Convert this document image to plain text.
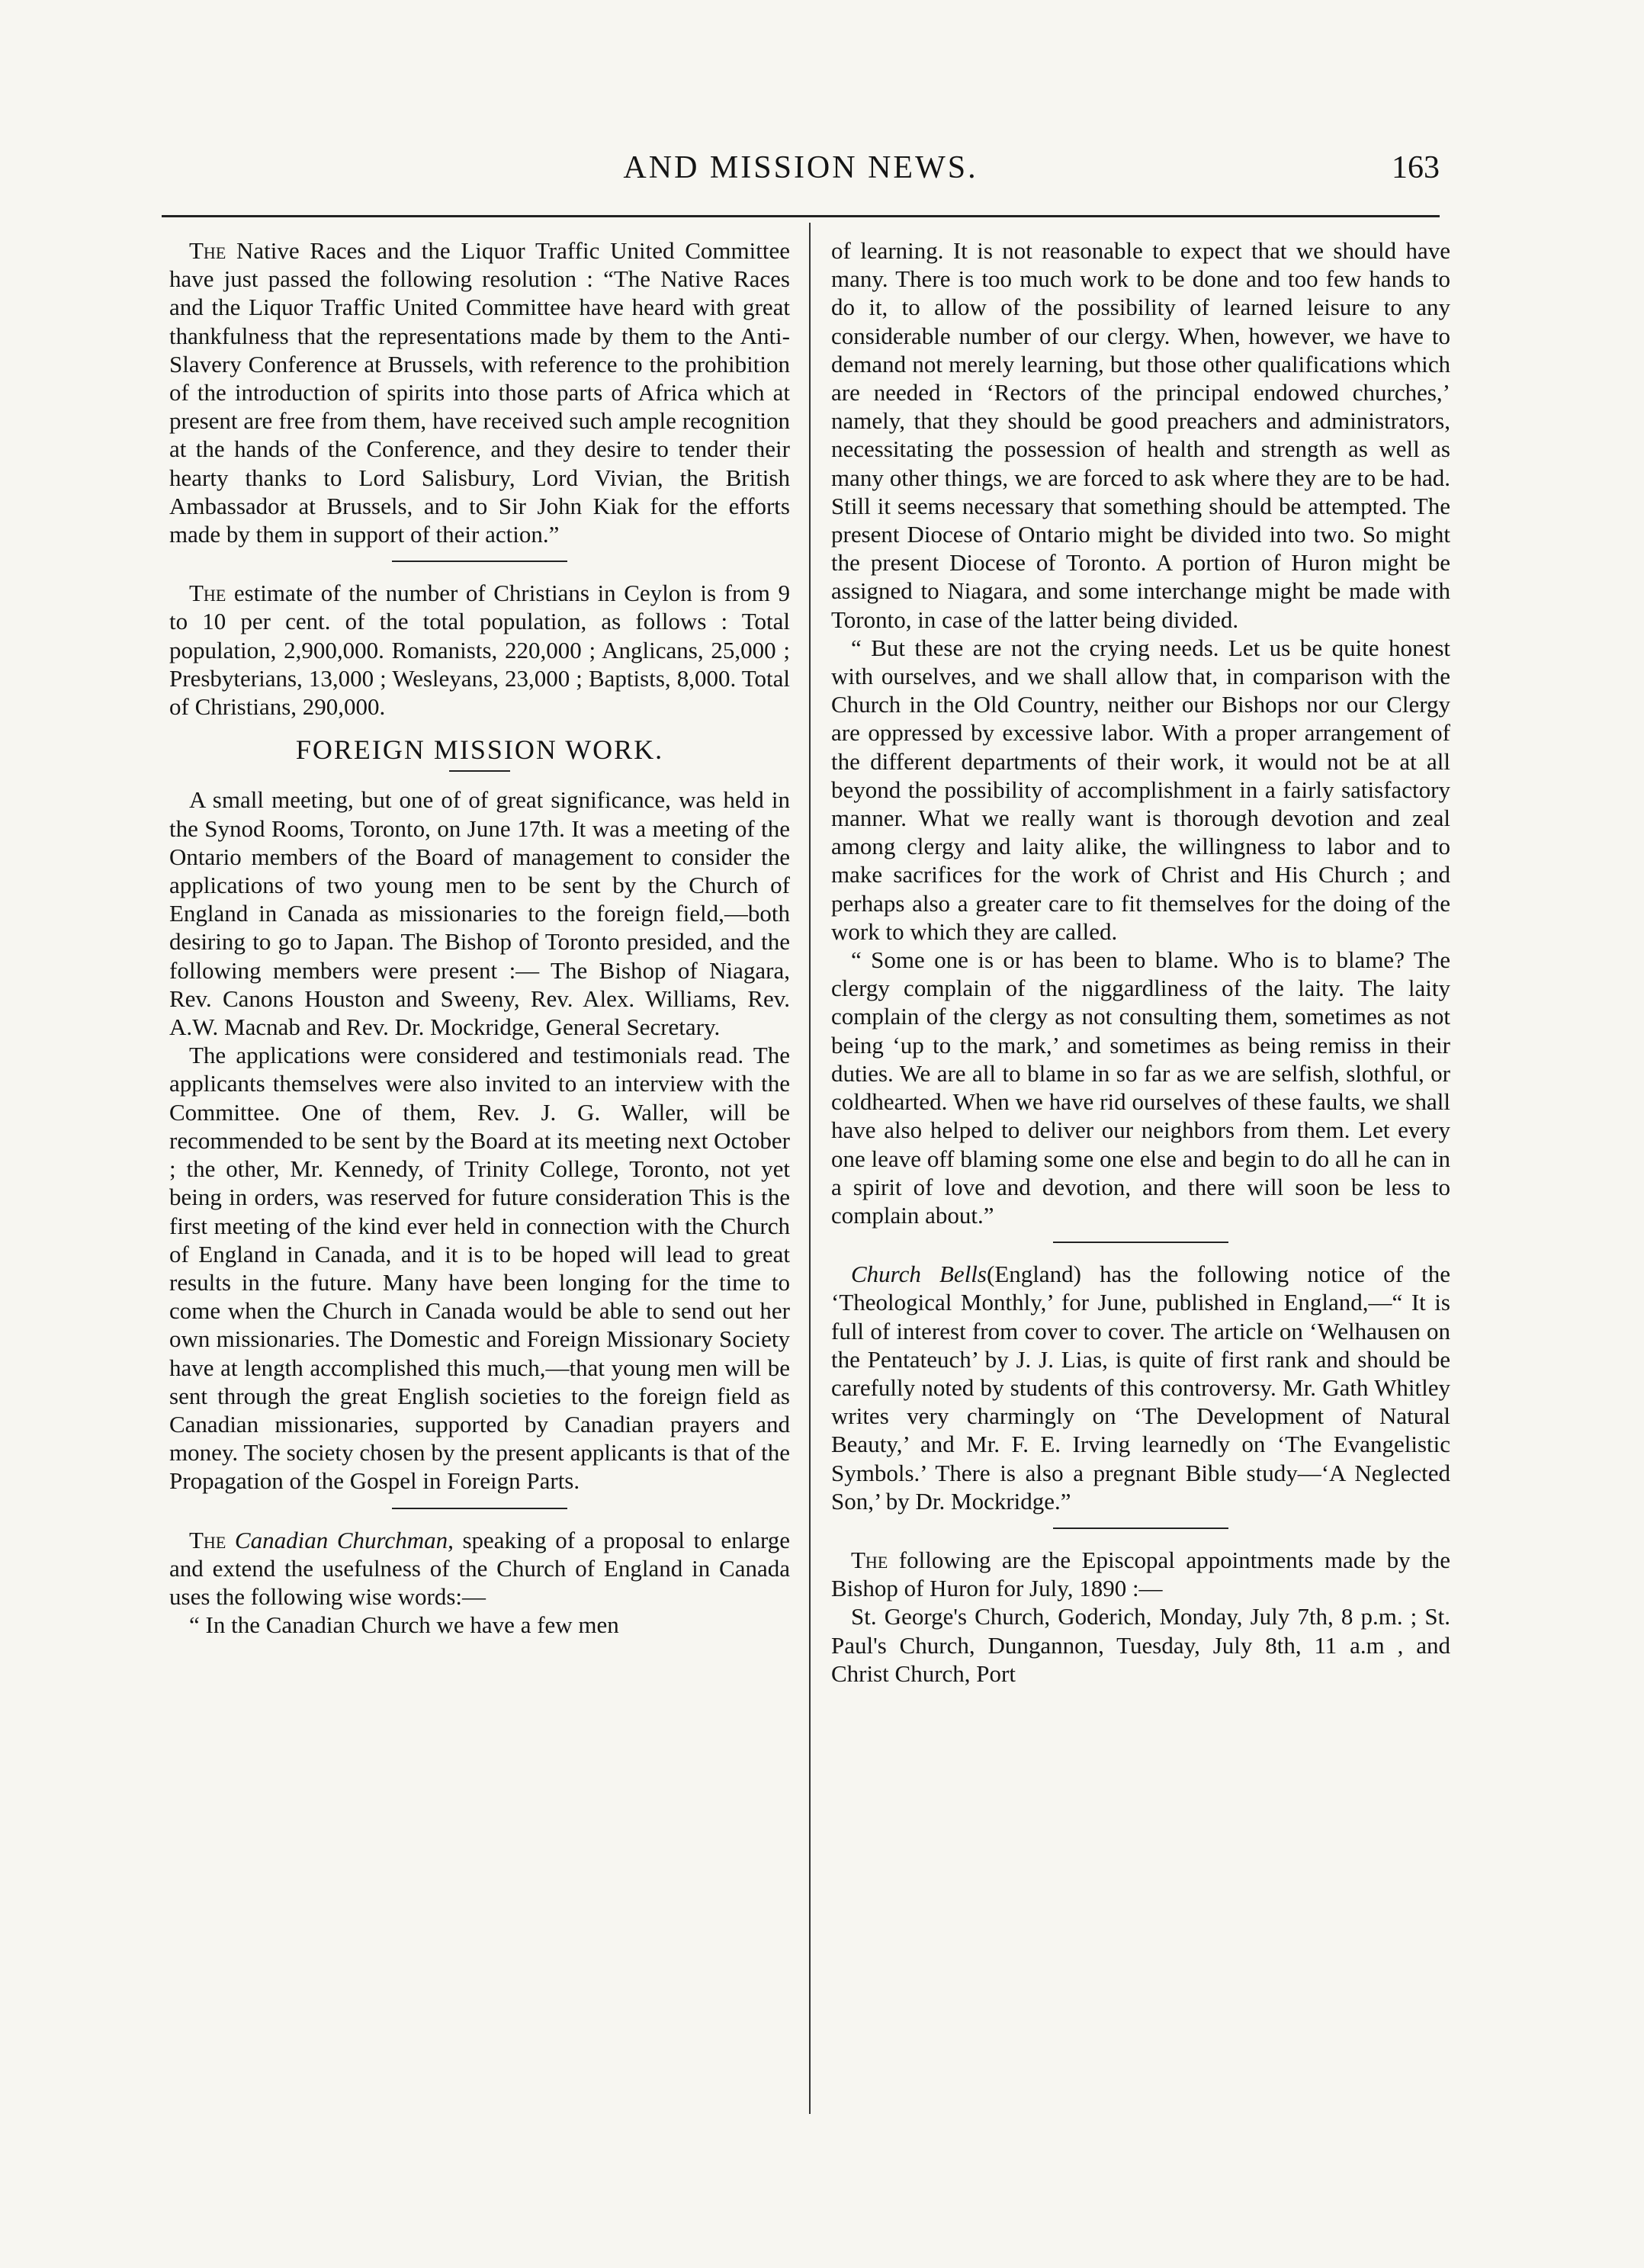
AND MISSION NEWS.	163

The Native Races and the Liquor Traffic United Committee have just passed the following resolution : “The Native Races and the Liquor Traffic United Committee have heard with great thankfulness that the representations made by them to the Anti-Slavery Conference at Brussels, with reference to the prohibition of the introduction of spirits into those parts of Africa which at present are free from them, have received such ample recognition at the hands of the Conference, and they desire to tender their hearty thanks to Lord Salisbury, Lord Vivian, the British Ambassador at Brussels, and to Sir John Kiak for the efforts made by them in support of their action.”

The estimate of the number of Christians in Ceylon is from 9 to 10 per cent. of the total population, as follows : Total population, 2,900,000. Romanists, 220,000 ; Anglicans, 25,000 ; Presbyterians, 13,000 ; Wesleyans, 23,000 ; Baptists, 8,000. Total of Christians, 290,000.

FOREIGN MISSION WORK.

A small meeting, but one of of great significance, was held in the Synod Rooms, Toronto, on June 17th. It was a meeting of the Ontario members of the Board of management to consider the applications of two young men to be sent by the Church of England in Canada as missionaries to the foreign field,—both desiring to go to Japan. The Bishop of Toronto presided, and the following members were present :— The Bishop of Niagara, Rev. Canons Houston and Sweeny, Rev. Alex. Williams, Rev. A.W. Macnab and Rev. Dr. Mockridge, General Secretary.

The applications were considered and testimonials read. The applicants themselves were also invited to an interview with the Committee. One of them, Rev. J. G. Waller, will be recommended to be sent by the Board at its meeting next October ; the other, Mr. Kennedy, of Trinity College, Toronto, not yet being in orders, was reserved for future consideration This is the first meeting of the kind ever held in connection with the Church of England in Canada, and it is to be hoped will lead to great results in the future. Many have been longing for the time to come when the Church in Canada would be able to send out her own missionaries. The Domestic and Foreign Missionary Society have at length accomplished this much,—that young men will be sent through the great English societies to the foreign field as Canadian missionaries, supported by Canadian prayers and money. The society chosen by the present applicants is that of the Propagation of the Gospel in Foreign Parts.

The Canadian Churchman, speaking of a proposal to enlarge and extend the usefulness of the Church of England in Canada uses the following wise words:—

“ In the Canadian Church we have a few men

of learning. It is not reasonable to expect that we should have many. There is too much work to be done and too few hands to do it, to allow of the possibility of learned leisure to any considerable number of our clergy. When, however, we have to demand not merely learning, but those other qualifications which are needed in ‘Rectors of the principal endowed churches,’ namely, that they should be good preachers and administrators, necessitating the possession of health and strength as well as many other things, we are forced to ask where they are to be had. Still it seems necessary that something should be attempted. The present Diocese of Ontario might be divided into two. So might the present Diocese of Toronto. A portion of Huron might be assigned to Niagara, and some interchange might be made with Toronto, in case of the latter being divided.

“ But these are not the crying needs. Let us be quite honest with ourselves, and we shall allow that, in comparison with the Church in the Old Country, neither our Bishops nor our Clergy are oppressed by excessive labor. With a proper arrangement of the different departments of their work, it would not be at all beyond the possibility of accomplishment in a fairly satisfactory manner. What we really want is thorough devotion and zeal among clergy and laity alike, the willingness to labor and to make sacrifices for the work of Christ and His Church ; and perhaps also a greater care to fit themselves for the doing of the work to which they are called.

“ Some one is or has been to blame. Who is to blame? The clergy complain of the niggardliness of the laity. The laity complain of the clergy as not consulting them, sometimes as not being ‘up to the mark,’ and sometimes as being remiss in their duties. We are all to blame in so far as we are selfish, slothful, or coldhearted. When we have rid ourselves of these faults, we shall have also helped to deliver our neighbors from them. Let every one leave off blaming some one else and begin to do all he can in a spirit of love and devotion, and there will soon be less to complain about.”

Church Bells(England) has the following notice of the ‘Theological Monthly,’ for June, published in England,—“ It is full of interest from cover to cover. The article on ‘Welhausen on the Pentateuch’ by J. J. Lias, is quite of first rank and should be carefully noted by students of this controversy. Mr. Gath Whitley writes very charmingly on ‘The Development of Natural Beauty,’ and Mr. F. E. Irving learnedly on ‘The Evangelistic Symbols.’ There is also a pregnant Bible study—‘A Neglected Son,’ by Dr. Mockridge.”

The following are the Episcopal appointments made by the Bishop of Huron for July, 1890 :—

St. George's Church, Goderich, Monday, July 7th, 8 p.m. ; St. Paul's Church, Dungannon, Tuesday, July 8th, 11 a.m , and Christ Church, Port
